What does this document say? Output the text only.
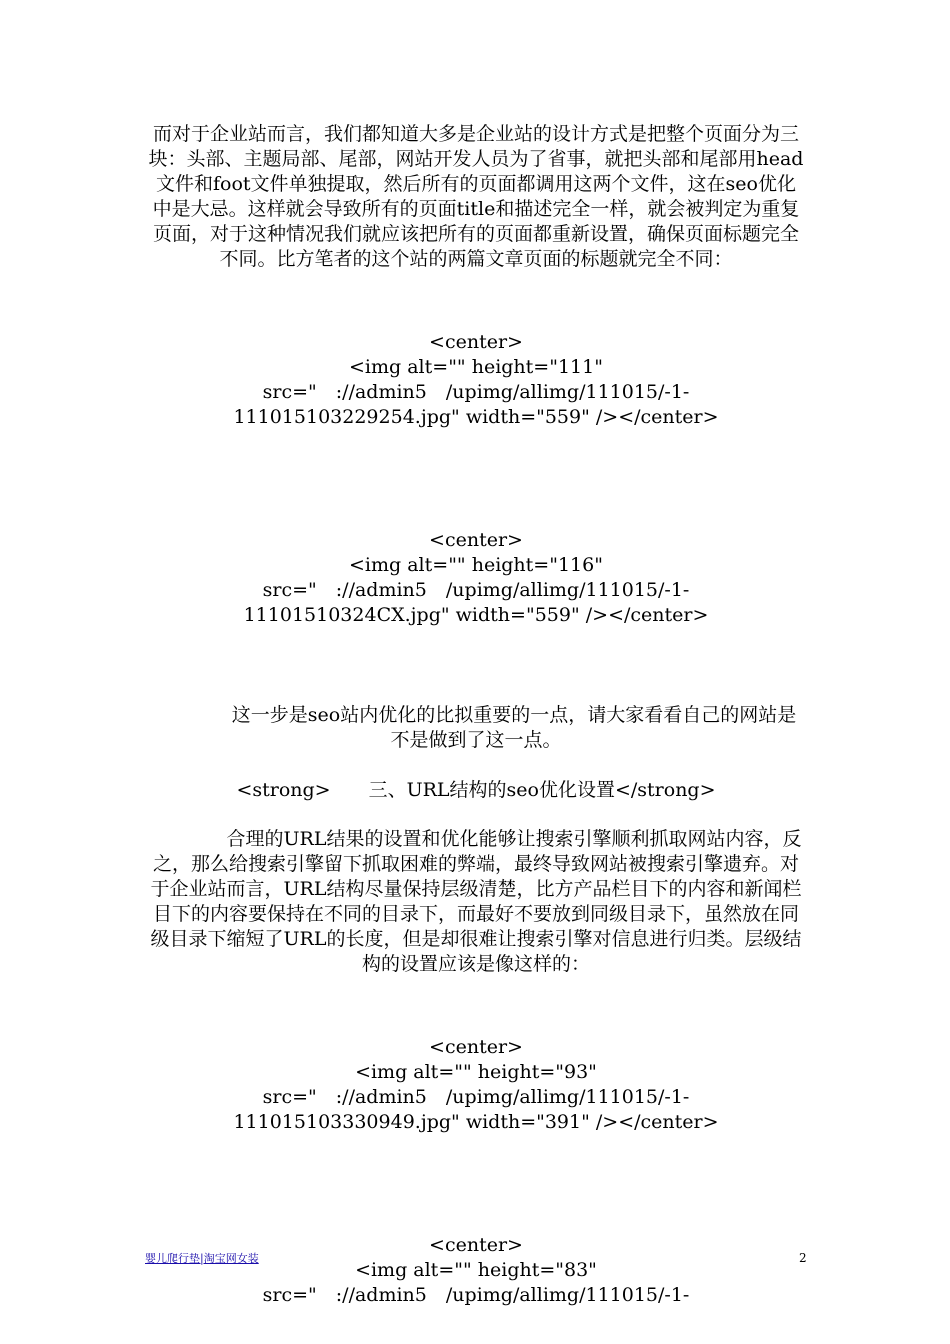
而对于企业站而言，我们都知道大多是企业站的设计方式是把整个页面分为三块：头部、主题局部、尾部，网站开发人员为了省事，就把头部和尾部用head文件和foot文件单独提取，然后所有的页面都调用这两个文件，这在seo优化中是大忌。这样就会导致所有的页面title和描述完全一样，就会被判定为重复页面，对于这种情况我们就应该把所有的页面都重新设置，确保页面标题完全不同。比方笔者的这个站的两篇文章页面的标题就完全不同：

<center>
<img alt="" height="111" src="　://admin5　/upimg/allimg/111015/-1-
111015103229254.jpg" width="559" /></center>
<center>
<img alt="" height="116" src="　://admin5　/upimg/allimg/111015/-1-
11101510324CX.jpg" width="559" /></center>

这一步是seo站内优化的比拟重要的一点，请大家看看自己的网站是不是做到了这一点。

<strong>　　三、URL结构的seo优化设置</strong>

合理的URL结果的设置和优化能够让搜索引擎顺利抓取网站内容，反之，那么给搜索引擎留下抓取困难的弊端，最终导致网站被搜索引擎遗弃。对于企业站而言，URL结构尽量保持层级清楚，比方产品栏目下的内容和新闻栏目下的内容要保持在不同的目录下，而最好不要放到同级目录下，虽然放在同级目录下缩短了URL的长度，但是却很难让搜索引擎对信息进行归类。层级结构的设置应该是像这样的：

<center>
<img alt="" height="93" src="　://admin5　/upimg/allimg/111015/-1-
111015103330949.jpg" width="391" /></center>
<center>
<img alt="" height="83" src="　://admin5　/upimg/allimg/111015/-1-
婴儿爬行垫|淘宝网女装	2
